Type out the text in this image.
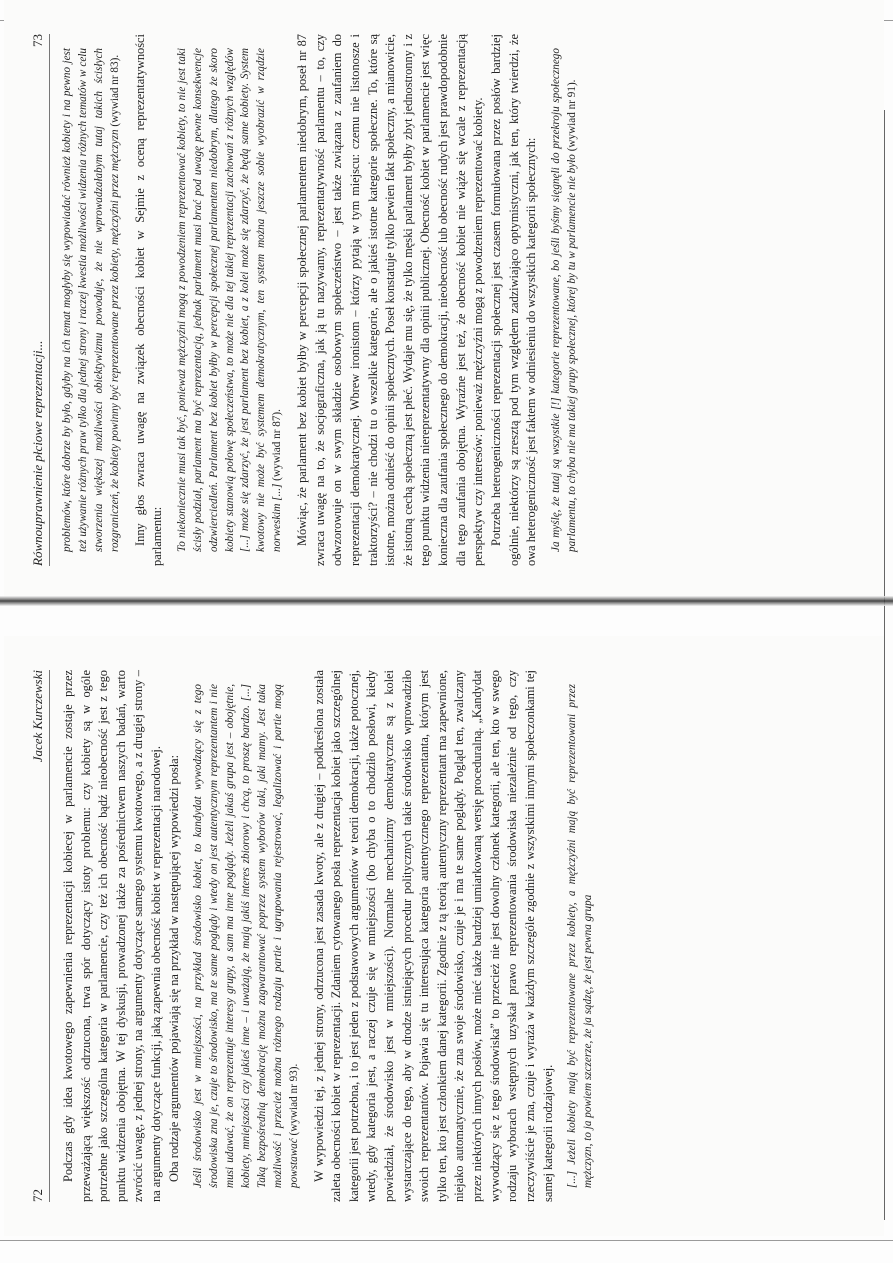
72
Jacek Kurczewski Podczas gdy idea kwotowego zapewnienia reprezentacji kobiecej w parlamencie zostaje przez przeważającą większość odrzucona, trwa spór dotyczący istoty problemu: czy kobiety są w ogóle potrzebne jako szczególna kategoria w parlamencie, czy też ich obecność bądź nieobecność jest z tego punktu widzenia obojętna. W tej dyskusji, prowadzonej także za pośrednictwem naszych badań, warto zwrócić uwagę, z jednej strony, na argumenty dotyczące samego systemu kwotowego, a z drugiej strony – na argumenty dotyczące funkcji, jaką zapewnia obecność kobiet w reprezentacji narodowej. Oba rodzaje argumentów pojawiają się na przykład w następującej wypowiedzi posła: Jeśli środowisko jest w mniejszości, na przykład środowisko kobiet, to kandydat wywodzący się z tego środowiska zna je, czuje to środowisko, ma te same poglądy i wtedy on jest autentycznym reprezentantem i nie musi udawać, że on reprezentuje interesy grupy, a sam ma inne poglądy. Jeżeli jakaś grupa jest – obojętnie, kobiety, mniejszości czy jakieś inne – i uważają, że mają jakiś interes zbiorowy i chcą, to proszę bardzo. [...] Taką bezpośrednią demokrację można zagwarantować poprzez system wyborów taki, jaki mamy. Jest taka możliwość i przecież można różnego rodzaju partie i ugrupowania rejestrować, legalizować i partie mogą powstawać (wywiad nr 93). W wypowiedzi tej, z jednej strony, odrzucona jest zasada kwoty, ale z drugiej – podkreślona została zaleta obecności kobiet w reprezentacji. Zdaniem cytowanego posła reprezentacja kobiet jako szczególnej kategorii jest potrzebna, i to jest jeden z podstawowych argumentów w teorii demokracji, także potocznej, wtedy, gdy kategoria jest, a raczej czuje się w mniejszości (bo chyba o to chodziło posłowi, kiedy powiedział, że środowisko jest w mniejszości). Normalne mechanizmy demokratyczne są z kolei wystarczające do tego, aby w drodze istniejących procedur politycznych takie środowisko wprowadziło swoich reprezentantów. Pojawia się tu interesująca kategoria autentycznego reprezentanta, którym jest tylko ten, kto jest członkiem danej kategorii. Zgodnie z tą teorią autentyczny reprezentant ma zapewnione, niejako automatycznie, że zna swoje środowisko, czuje je i ma te same poglądy. Pogląd ten, zwalczany przez niektórych innych posłów, może mieć także bardziej umiarkowaną wersję proceduralną. „Kandydat wywodzący się z tego środowiska” to przecież nie jest dowolny członek kategorii, ale ten, kto w swego rodzaju wyborach wstępnych uzyskał prawo reprezentowania środowiska niezależnie od tego, czy rzeczywiście je zna, czuje i wyraża w każdym szczególe zgodnie z wszystkimi innymi społeczonkami tej samej kategorii rodzajowej. [...] Jeżeli kobiety mają być reprezentowane przez kobiety, a mężczyźni mają być reprezentowani przez mężczyzn, to ja powiem szczerze, że ja sądzę, że jest pewna grupa

Równouprawnienie płciowe reprezentacji...
73

problemów, które dobrze by było, gdyby na ich temat mogłyby się wypowiadać również kobiety i na pewno jest też używanie różnych praw tylko dla jednej strony i raczej kwestia możliwości widzenia różnych tematów w celu stworzenia większej możliwości obiektywizmu powoduje, że nie wprowadzałabym tutaj takich ścisłych rozgraniczeń, że kobiety powinny być reprezentowane przez kobiety, mężczyźni przez mężczyzn (wywiad nr 83). Inny głos zwraca uwagę na związek obecności kobiet w Sejmie z oceną reprezentatywności parlamentu: To niekoniecznie musi tak być, ponieważ mężczyźni mogą z powodzeniem reprezentować kobiety, to nie jest taki ścisły podział, parlament ma być reprezentacją, jednak parlament musi brać pod uwagę pewne konsekwencje odzwierciedleń. Parlament bez kobiet byłby w percepcji społecznej parlamentem niedobrym, dlatego że skoro kobiety stanowią połowę społeczeństwa, to może nie dla tej takiej reprezentacji zachowań z różnych względów [...] może się zdarzyć, że jest parlament bez kobiet, a z kolei może się zdarzyć, że będą same kobiety. System kwotowy nie może być systemem demokratycznym, ten system można jeszcze sobie wyobrazić w rządzie norweskim [...] (wywiad nr 87). Mówiąc, że parlament bez kobiet byłby w percepcji społecznej parlamentem niedobrym, poseł nr 87 zwraca uwagę na to, że socjograficzna, jak ją tu nazywamy, reprezentatywność parlamentu – to, czy odwzorowuje on w swym składzie osobowym społeczeństwo – jest także związana z zaufaniem do reprezentacji demokratycznej. Wbrew ironistom – którzy pytają w tym miejscu: czemu nie listonosze i traktorzyści? – nie chodzi tu o wszelkie kategorie, ale o jakieś istotne kategorie społeczne. To, które są istotne, można odnieść do opinii społecznych. Poseł konstatuje tylko pewien fakt społeczny, a mianowicie, że istotną cechą społeczną jest płeć. Wydaje mu się, że tylko męski parlament byłby zbyt jednostronny i z tego punktu widzenia niereprezentatywny dla opinii publicznej. Obecność kobiet w parlamencie jest więc konieczna dla zaufania społecznego do demokracji, nieobecność lub obecność rudych jest prawdopodobnie dla tego zaufania obojętna. Wyraźne jest też, że obecność kobiet nie wiąże się wcale z reprezentacją perspektyw czy interesów: ponieważ mężczyźni mogą z powodzeniem reprezentować kobiety. Potrzeba heterogeniczności reprezentacji społecznej jest czasem formułowana przez posłów bardziej ogólnie, niektórzy są zresztą pod tym względem zadziwiająco optymistyczni, jak ten, który twierdzi, że owa heterogeniczność jest faktem w odniesieniu do wszystkich kategorii społecznych: Ja myślę, że tutaj są wszystkie [!] kategorie reprezentowane, bo jeśli byśmy sięgnęli do przekroju społecznego parlamentu, to chyba nie ma takiej grupy społecznej, której by tu w parlamencie nie było (wywiad nr 91).
